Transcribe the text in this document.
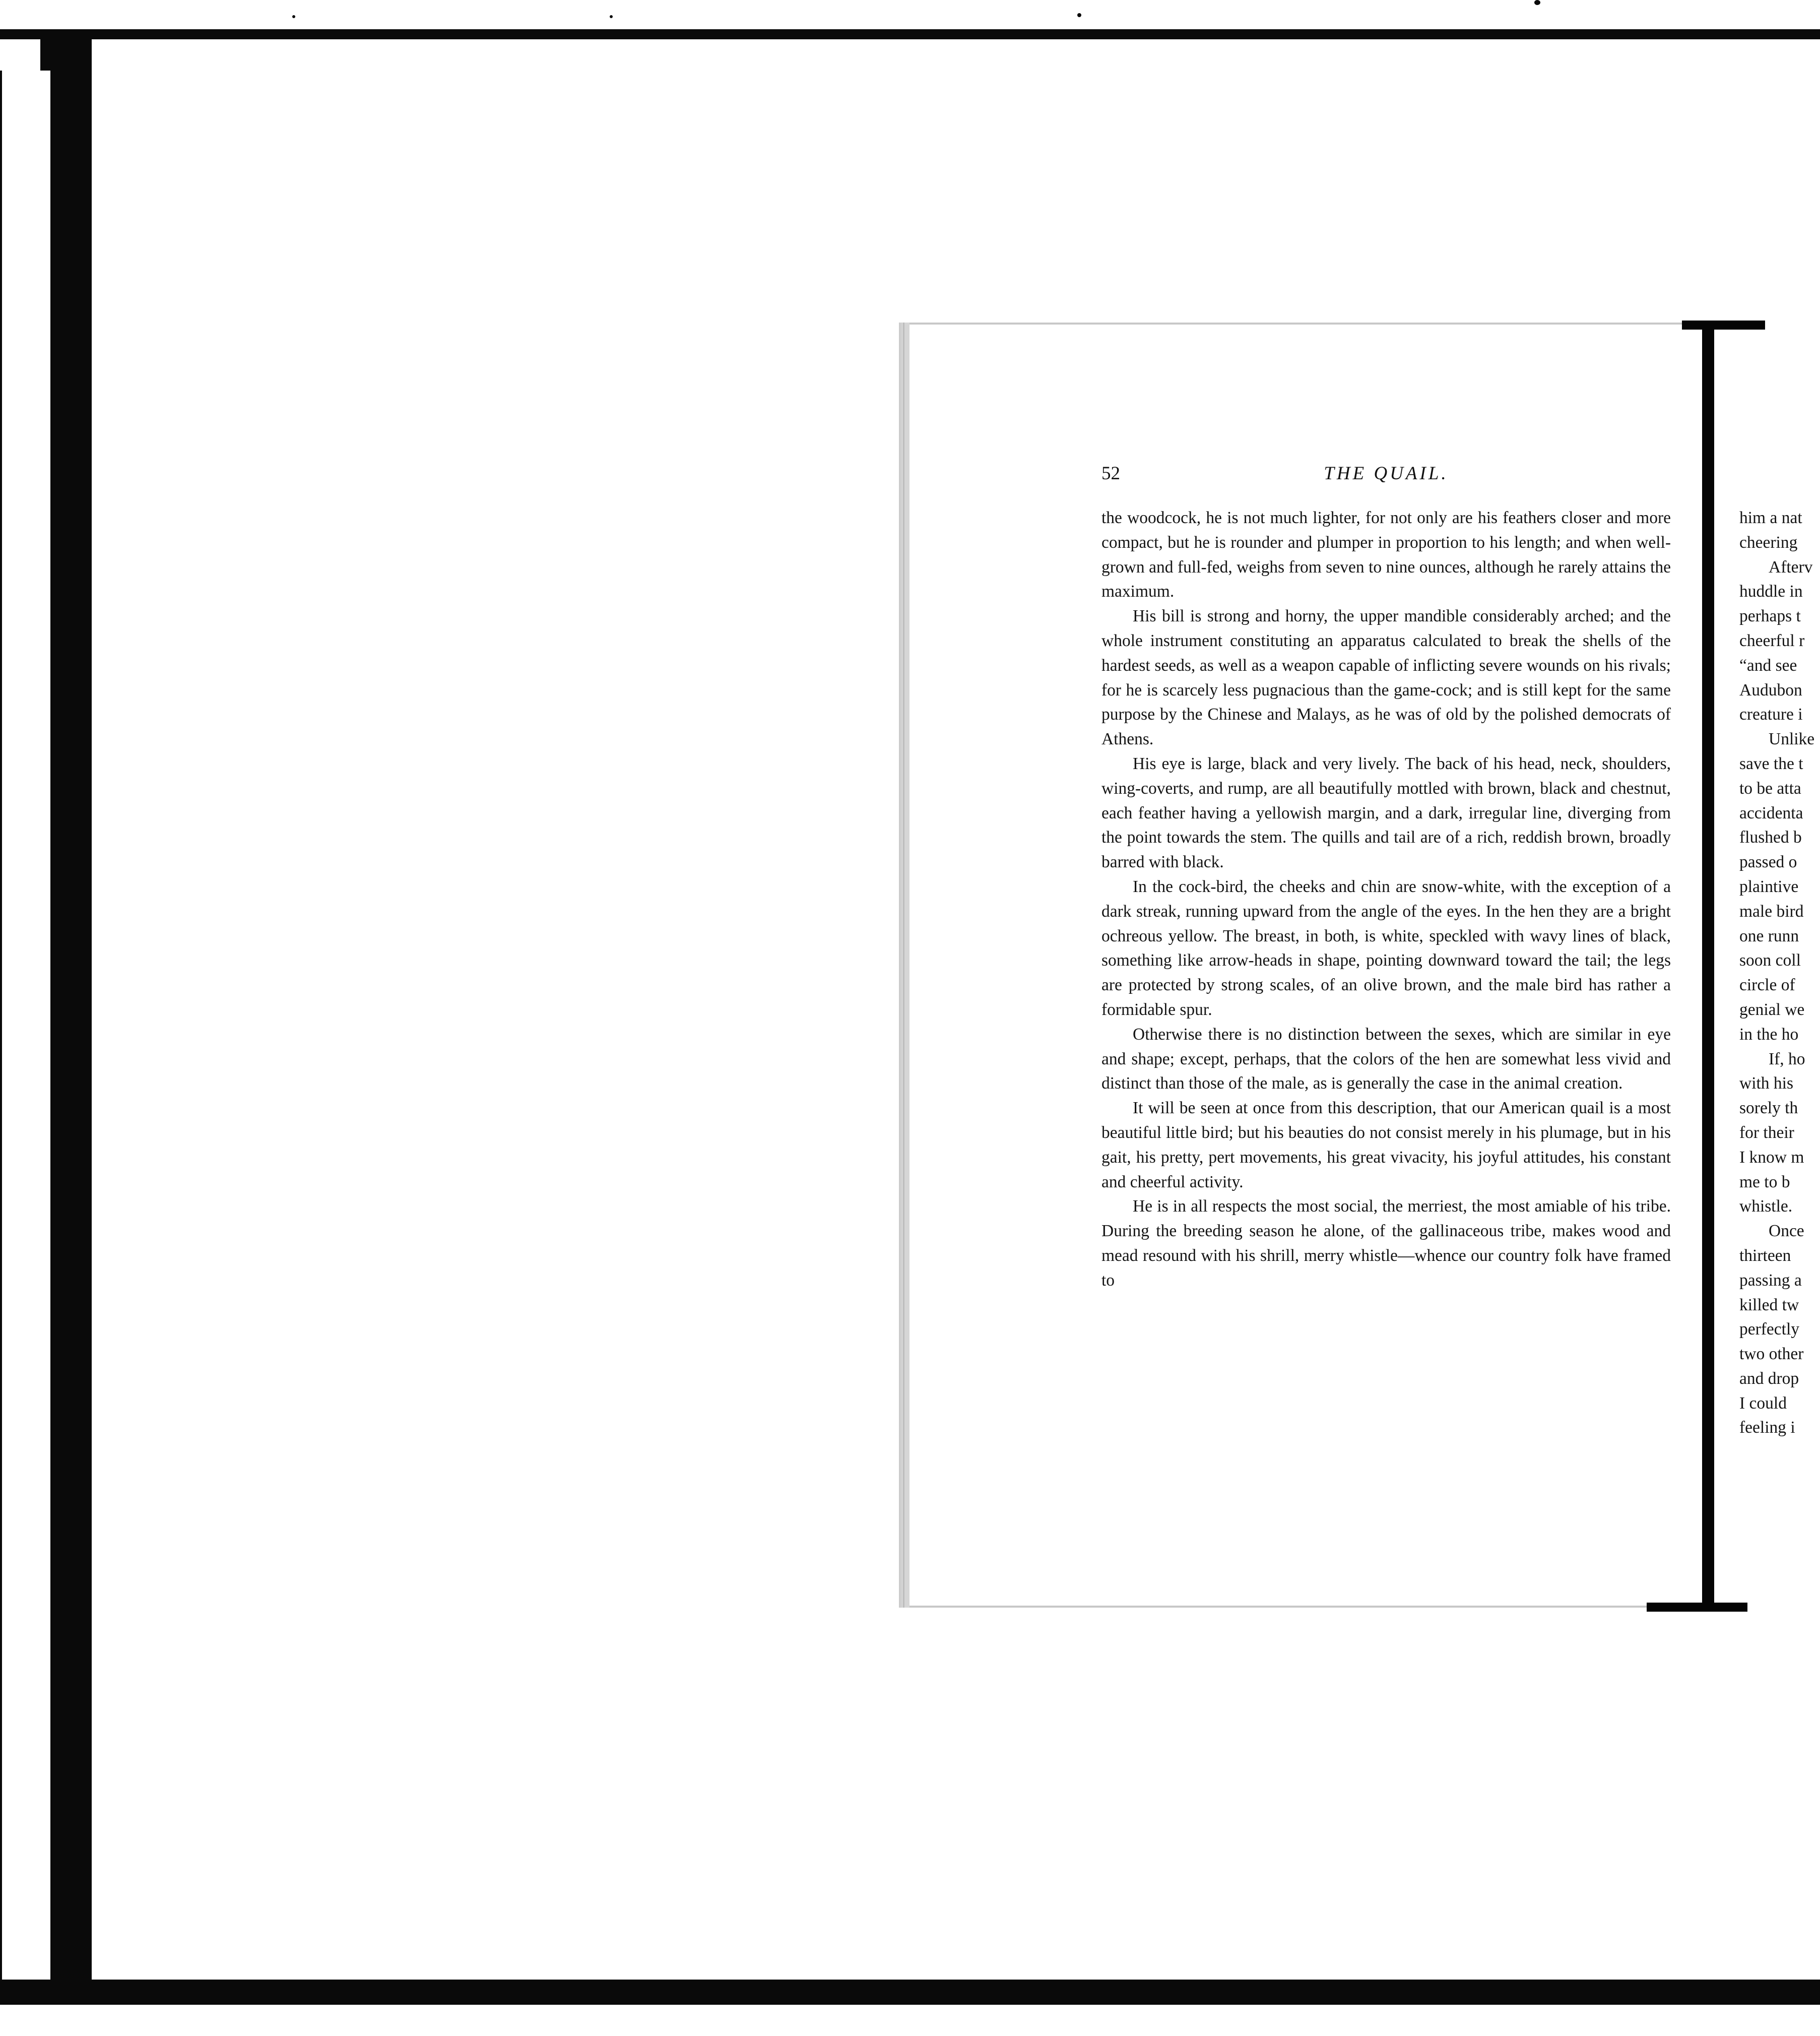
52	THE QUAIL.

the woodcock, he is not much lighter, for not only are his feathers closer and more compact, but he is rounder and plumper in proportion to his length; and when well-grown and full-fed, weighs from seven to nine ounces, although he rarely attains the maximum.

His bill is strong and horny, the upper mandible considerably arched; and the whole instrument constituting an apparatus calculated to break the shells of the hardest seeds, as well as a weapon capable of inflicting severe wounds on his rivals; for he is scarcely less pugnacious than the game-cock; and is still kept for the same purpose by the Chinese and Malays, as he was of old by the polished democrats of Athens.

His eye is large, black and very lively. The back of his head, neck, shoulders, wing-coverts, and rump, are all beautifully mottled with brown, black and chestnut, each feather having a yellowish margin, and a dark, irregular line, diverging from the point towards the stem. The quills and tail are of a rich, reddish brown, broadly barred with black.

In the cock-bird, the cheeks and chin are snow-white, with the exception of a dark streak, running upward from the angle of the eyes. In the hen they are a bright ochreous yellow. The breast, in both, is white, speckled with wavy lines of black, something like arrow-heads in shape, pointing downward toward the tail; the legs are protected by strong scales, of an olive brown, and the male bird has rather a formidable spur.

Otherwise there is no distinction between the sexes, which are similar in eye and shape; except, perhaps, that the colors of the hen are somewhat less vivid and distinct than those of the male, as is generally the case in the animal creation.

It will be seen at once from this description, that our American quail is a most beautiful little bird; but his beauties do not consist merely in his plumage, but in his gait, his pretty, pert movements, his great vivacity, his joyful attitudes, his constant and cheerful activity.

He is in all respects the most social, the merriest, the most amiable of his tribe. During the breeding season he alone, of the gallinaceous tribe, makes wood and mead resound with his shrill, merry whistle—whence our country folk have framed to

him a nat
cheering
Afterv
huddle in
perhaps t
cheerful r
“and see
Audubon
creature i
Unlike
save the t
to be atta
accidenta
flushed b
passed o
plaintive
male bird
one runn
soon coll
circle of
genial we
in the ho
If, ho
with his
sorely th
for their
I know m
me to b
whistle.
Once
thirteen
passing a
killed tw
perfectly
two other
and drop
I could
feeling i
